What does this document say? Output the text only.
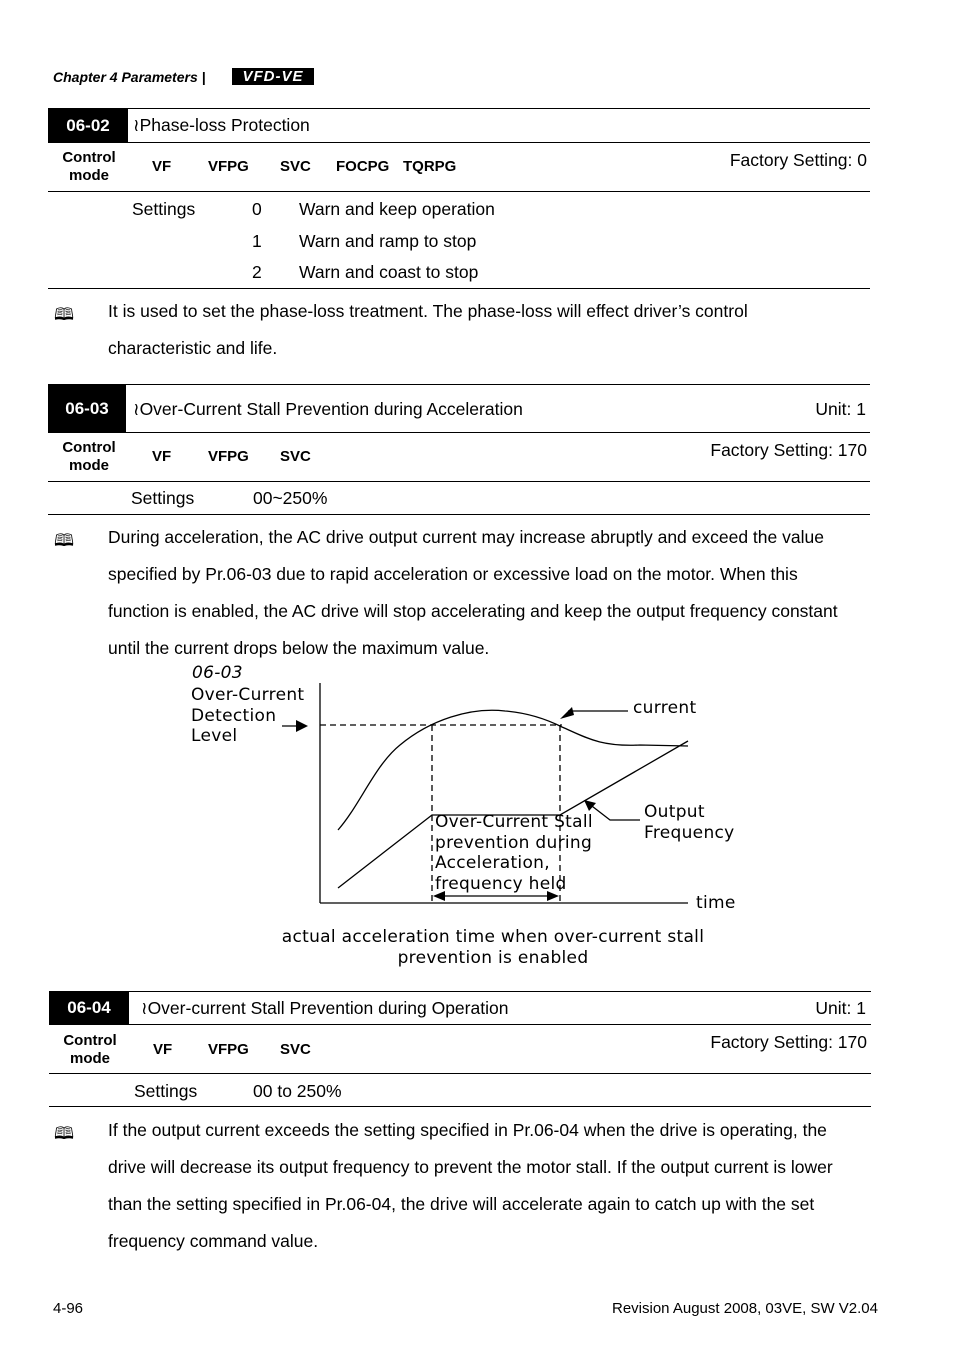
Chapter 4 Parameters |	VFD-VE
06-02	≀Phase-loss Protection
Control
mode
VF VFPG SVC FOCPG TQRPG	Factory Setting: 0
Settings	0 Warn and keep operation
1 Warn and ramp to stop
2 Warn and coast to stop
🕮 It is used to set the phase-loss treatment. The phase-loss will effect driver’s control
characteristic and life.
06-03	≀Over-Current Stall Prevention during Acceleration	Unit: 1
Control
mode
VF VFPG SVC	Factory Setting: 170
Settings	00~250%
🕮 During acceleration, the AC drive output current may increase abruptly and exceed the value
specified by Pr.06-03 due to rapid acceleration or excessive load on the motor. When this
function is enabled, the AC drive will stop accelerating and keep the output frequency constant
until the current drops below the maximum value.
06-03
Over-Current
Detection
Level
current
Output
Frequency
Over-Current Stall
prevention during
Acceleration,
frequency held
time
actual acceleration time when over-current stall
prevention is enabled
06-04	≀Over-current Stall Prevention during Operation	Unit: 1
Control
mode
VF VFPG SVC	Factory Setting: 170
Settings	00 to 250%
🕮 If the output current exceeds the setting specified in Pr.06-04 when the drive is operating, the
drive will decrease its output frequency to prevent the motor stall. If the output current is lower
than the setting specified in Pr.06-04, the drive will accelerate again to catch up with the set
frequency command value.
4-96	Revision August 2008, 03VE, SW V2.04
